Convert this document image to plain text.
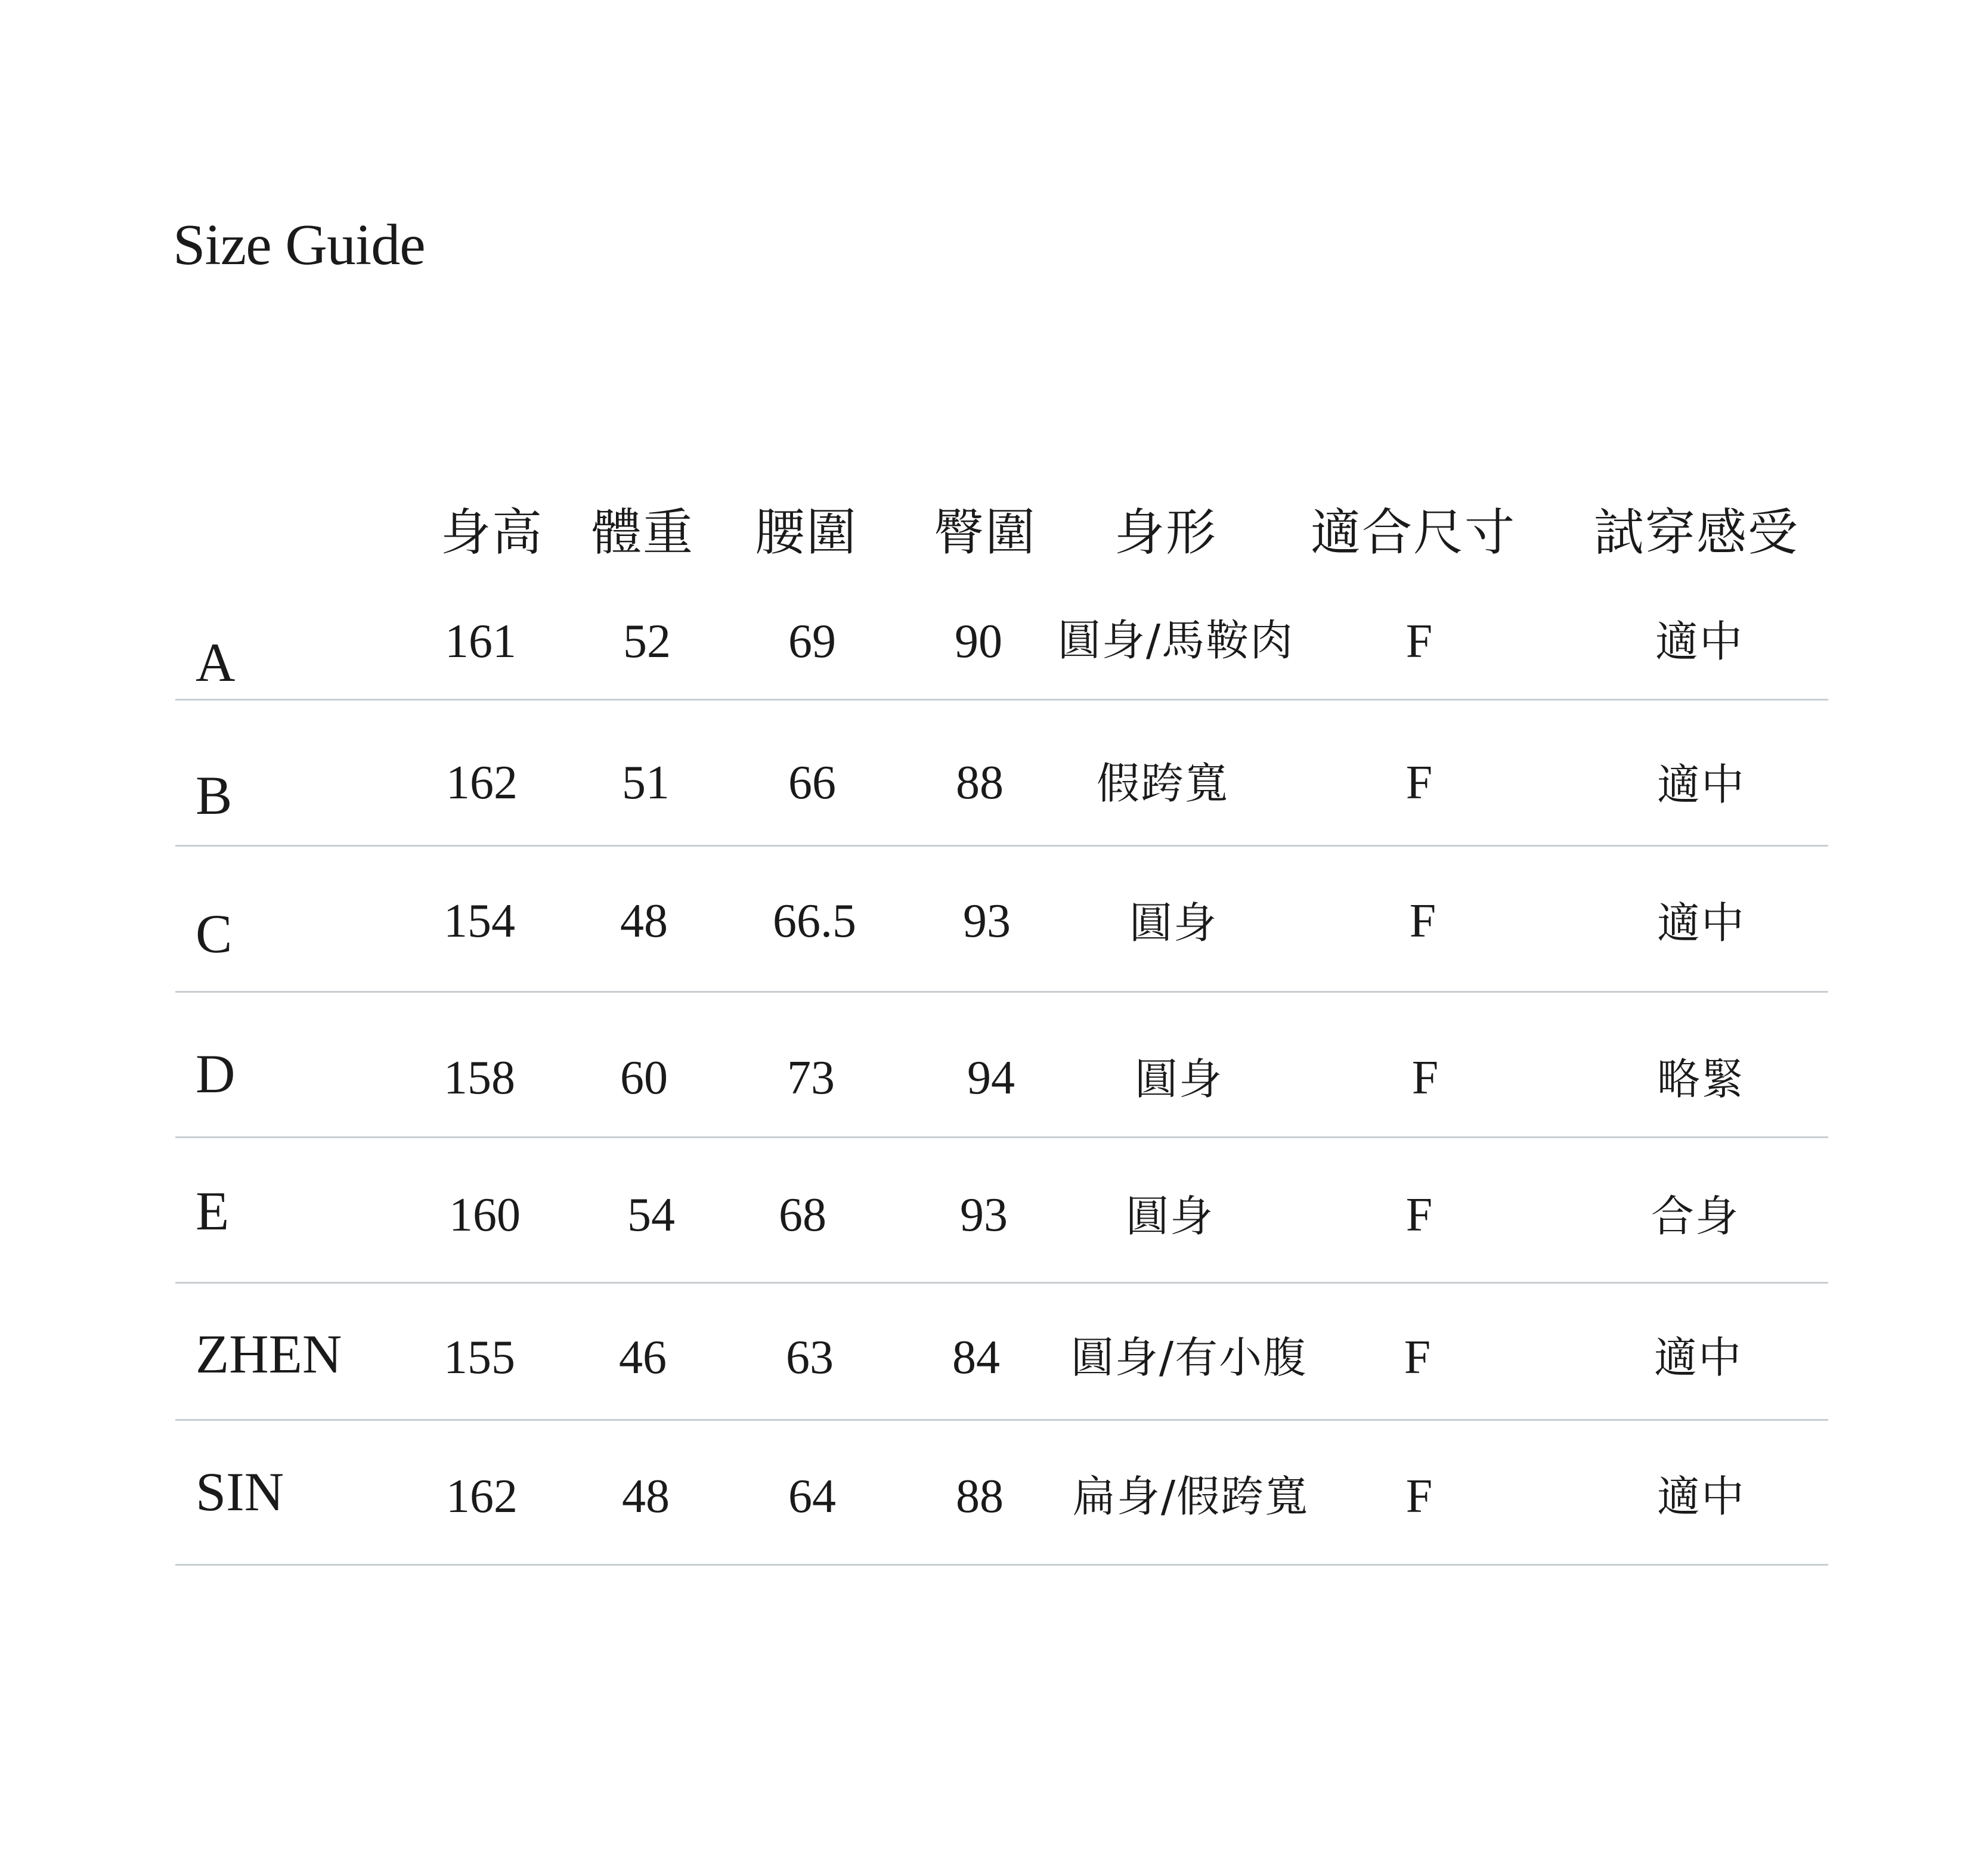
Size Guide
身高 體重 腰圍 臀圍 身形 適合尺寸 試穿感受
A	161 52 69 90 圓身/馬鞍肉 F	適中
B	162 51 66	88 假跨寬	F	適中
C	154 48 66.5 93	圓身	F	適中
D	158 60	73	94	圓身	F	略緊
E	160 54 68	93	圓身	F	合身
ZHEN 155 46	63 84 圓身/有小腹 F	適中
SIN	162 48 64	88 扁身/假跨寬 F	適中
